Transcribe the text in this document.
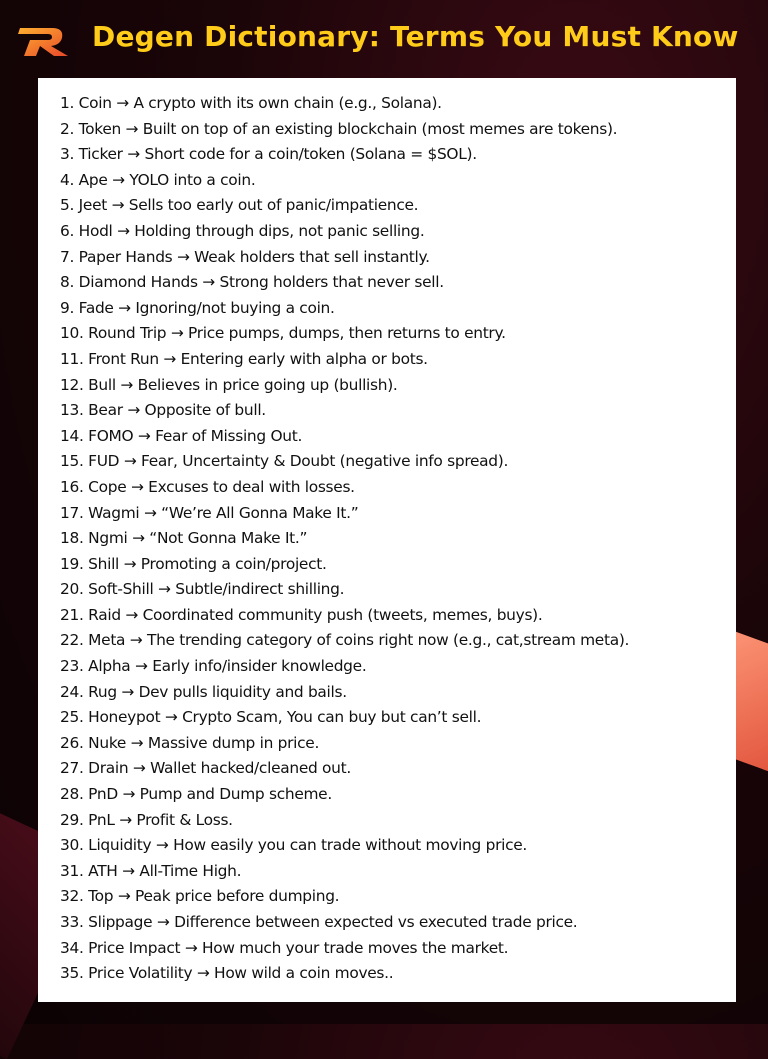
Degen Dictionary: Terms You Must Know
1. Coin → A crypto with its own chain (e.g., Solana).
2. Token → Built on top of an existing blockchain (most memes are tokens).
3. Ticker → Short code for a coin/token (Solana = $SOL).
4. Ape → YOLO into a coin.
5. Jeet → Sells too early out of panic/impatience.
6. Hodl → Holding through dips, not panic selling.
7. Paper Hands → Weak holders that sell instantly.
8. Diamond Hands → Strong holders that never sell.
9. Fade → Ignoring/not buying a coin.
10. Round Trip → Price pumps, dumps, then returns to entry.
11. Front Run → Entering early with alpha or bots.
12. Bull → Believes in price going up (bullish).
13. Bear → Opposite of bull.
14. FOMO → Fear of Missing Out.
15. FUD → Fear, Uncertainty & Doubt (negative info spread).
16. Cope → Excuses to deal with losses.
17. Wagmi → “We’re All Gonna Make It.”
18. Ngmi → “Not Gonna Make It.”
19. Shill → Promoting a coin/project.
20. Soft-Shill → Subtle/indirect shilling.
21. Raid → Coordinated community push (tweets, memes, buys).
22. Meta → The trending category of coins right now (e.g., cat,stream meta).
23. Alpha → Early info/insider knowledge.
24. Rug → Dev pulls liquidity and bails.
25. Honeypot → Crypto Scam, You can buy but can’t sell.
26. Nuke → Massive dump in price.
27. Drain → Wallet hacked/cleaned out.
28. PnD → Pump and Dump scheme.
29. PnL → Profit & Loss.
30. Liquidity → How easily you can trade without moving price.
31. ATH → All-Time High.
32. Top → Peak price before dumping.
33. Slippage → Difference between expected vs executed trade price.
34. Price Impact → How much your trade moves the market.
35. Price Volatility → How wild a coin moves..
